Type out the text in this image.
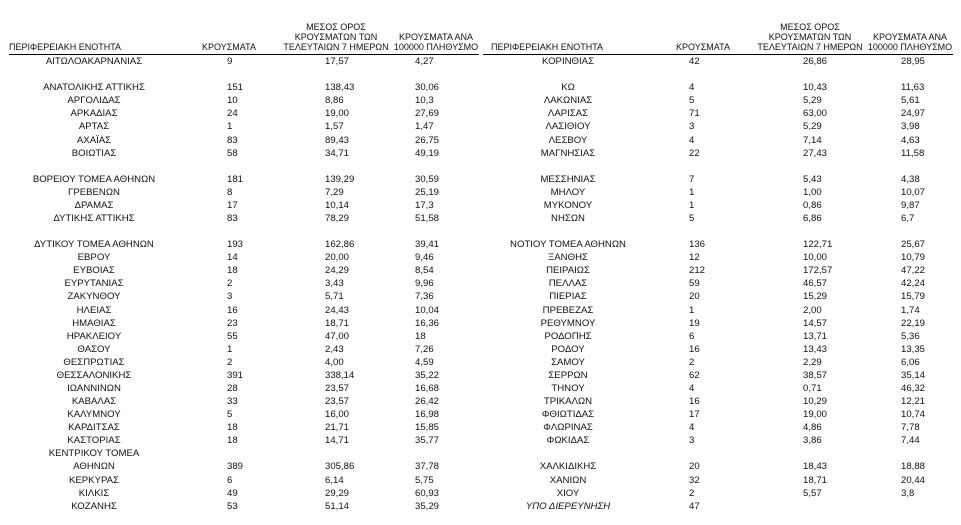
ΠΕΡΙΦΕΡΕΙΑΚΗ ΕΝΟΤΗΤΑ	ΚΡΟΥΣΜΑΤΑ	ΜΕΣΟΣ ΟΡΟΣ ΚΡΟΥΣΜΑΤΩΝ ΤΩΝ ΤΕΛΕΥΤΑΙΩΝ 7 ΗΜΕΡΩΝ	ΚΡΟΥΣΜΑΤΑ ΑΝΑ 100000 ΠΛΗΘΥΣΜΟ
ΑΙΤΩΛΟΑΚΑΡΝΑΝΙΑΣ	9	17,57	4,27

ΑΝΑΤΟΛΙΚΗΣ ΑΤΤΙΚΗΣ	151	138,43	30,06
ΑΡΓΟΛΙΔΑΣ	10	8,86	10,3
ΑΡΚΑΔΙΑΣ	24	19,00	27,69
ΑΡΤΑΣ	1	1,57	1,47
ΑΧΑΪΑΣ	83	89,43	26,75
ΒΟΙΩΤΙΑΣ	58	34,71	49,19

ΒΟΡΕΙΟΥ ΤΟΜΕΑ ΑΘΗΝΩΝ	181	139,29	30,59
ΓΡΕΒΕΝΩΝ	8	7,29	25,19
ΔΡΑΜΑΣ	17	10,14	17,3
ΔΥΤΙΚΗΣ ΑΤΤΙΚΗΣ	83	78,29	51,58

ΔΥΤΙΚΟΥ ΤΟΜΕΑ ΑΘΗΝΩΝ	193	162,86	39,41
ΕΒΡΟΥ	14	20,00	9,46
ΕΥΒΟΙΑΣ	18	24,29	8,54
ΕΥΡΥΤΑΝΙΑΣ	2	3,43	9,96
ΖΑΚΥΝΘΟΥ	3	5,71	7,36
ΗΛΕΙΑΣ	16	24,43	10,04
ΗΜΑΘΙΑΣ	23	18,71	16,36
ΗΡΑΚΛΕΙΟΥ	55	47,00	18
ΘΑΣΟΥ	1	2,43	7,26
ΘΕΣΠΡΩΤΙΑΣ	2	4,00	4,59
ΘΕΣΣΑΛΟΝΙΚΗΣ	391	338,14	35,22
ΙΩΑΝΝΙΝΩΝ	28	23,57	16,68
ΚΑΒΑΛΑΣ	33	23,57	26,42
ΚΑΛΥΜΝΟΥ	5	16,00	16,98
ΚΑΡΔΙΤΣΑΣ	18	21,71	15,85
ΚΑΣΤΟΡΙΑΣ	18	14,71	35,77
ΚΕΝΤΡΙΚΟΥ ΤΟΜΕΑ			
ΑΘΗΝΩΝ	389	305,86	37,78
ΚΕΡΚΥΡΑΣ	6	6,14	5,75
ΚΙΛΚΙΣ	49	29,29	60,93
ΚΟΖΑΝΗΣ	53	51,14	35,29
ΠΕΡΙΦΕΡΕΙΑΚΗ ΕΝΟΤΗΤΑ	ΚΡΟΥΣΜΑΤΑ	ΜΕΣΟΣ ΟΡΟΣ ΚΡΟΥΣΜΑΤΩΝ ΤΩΝ ΤΕΛΕΥΤΑΙΩΝ 7 ΗΜΕΡΩΝ	ΚΡΟΥΣΜΑΤΑ ΑΝΑ 100000 ΠΛΗΘΥΣΜΟ
ΚΟΡΙΝΘΙΑΣ	42	26,86	28,95

ΚΩ	4	10,43	11,63
ΛΑΚΩΝΙΑΣ	5	5,29	5,61
ΛΑΡΙΣΑΣ	71	63,00	24,97
ΛΑΣΙΘΙΟΥ	3	5,29	3,98
ΛΕΣΒΟΥ	4	7,14	4,63
ΜΑΓΝΗΣΙΑΣ	22	27,43	11,58

ΜΕΣΣΗΝΙΑΣ	7	5,43	4,38
ΜΗΛΟΥ	1	1,00	10,07
ΜΥΚΟΝΟΥ	1	0,86	9,87
ΝΗΣΩΝ	5	6,86	6,7

ΝΟΤΙΟΥ ΤΟΜΕΑ ΑΘΗΝΩΝ	136	122,71	25,67
ΞΑΝΘΗΣ	12	10,00	10,79
ΠΕΙΡΑΙΩΣ	212	172,57	47,22
ΠΕΛΛΑΣ	59	46,57	42,24
ΠΙΕΡΙΑΣ	20	15,29	15,79
ΠΡΕΒΕΖΑΣ	1	2,00	1,74
ΡΕΘΥΜΝΟΥ	19	14,57	22,19
ΡΟΔΟΠΗΣ	6	13,71	5,36
ΡΟΔΟΥ	16	13,43	13,35
ΣΑΜΟΥ	2	2,29	6,06
ΣΕΡΡΩΝ	62	38,57	35,14
ΤΗΝΟΥ	4	0,71	46,32
ΤΡΙΚΑΛΩΝ	16	10,29	12,21
ΦΘΙΩΤΙΔΑΣ	17	19,00	10,74
ΦΛΩΡΙΝΑΣ	4	4,86	7,78
ΦΩΚΙΔΑΣ	3	3,86	7,44

ΧΑΛΚΙΔΙΚΗΣ	20	18,43	18,88
ΧΑΝΙΩΝ	32	18,71	20,44
ΧΙΟΥ	2	5,57	3,8
ΥΠΟ ΔΙΕΡΕΥΝΗΣΗ	47		
